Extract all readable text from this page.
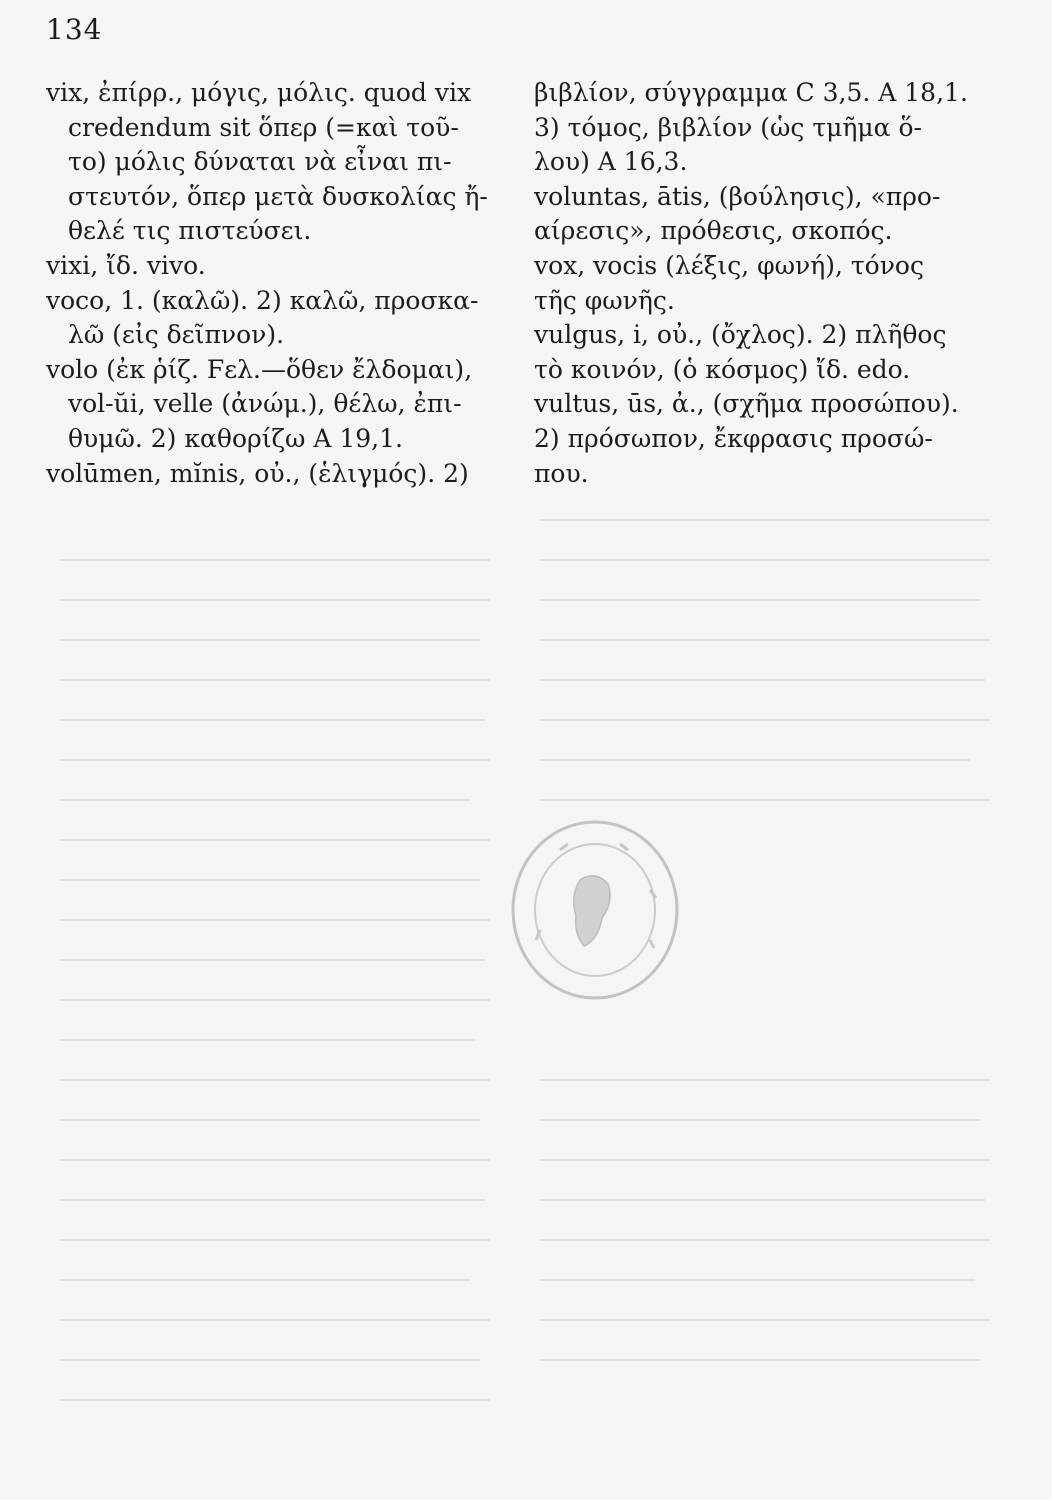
134
vix, ἐπίρρ., μόγις, μόλις. quod vix
credendum sit ὅπερ (=καὶ τοῦ-
το) μόλις δύναται νὰ εἶναι πι-
στευτόν, ὅπερ μετὰ δυσκολίας ἤ-
θελέ τις πιστεύσει.
vixi, ἴδ. vivo.
voco, 1. (καλῶ). 2) καλῶ, προσκα-
λῶ (εἰς δεῖπνον).
volo (ἐκ ῥίζ. Ϝελ.—ὅθεν ἔλδομαι),
vol-ŭi, velle (ἀνώμ.), θέλω, ἐπι-
θυμῶ. 2) καθορίζω A 19,1.
volūmen, mĭnis, οὐ., (ἑλιγμός). 2)
βιβλίον, σύγγραμμα C 3,5. A 18,1.
3) τόμος, βιβλίον (ὡς τμῆμα ὅ-
λου) A 16,3.
voluntas, ātis, (βούλησις), «προ-
αίρεσις», πρόθεσις, σκοπός.
vox, vocis (λέξις, φωνή), τόνος
τῆς φωνῆς.
vulgus, i, οὐ., (ὄχλος). 2) πλῆθος
τὸ κοινόν, (ὁ κόσμος) ἴδ. edo.
vultus, ūs, ἀ., (σχῆμα προσώπου).
2) πρόσωπον, ἔκφρασις προσώ-
που.
